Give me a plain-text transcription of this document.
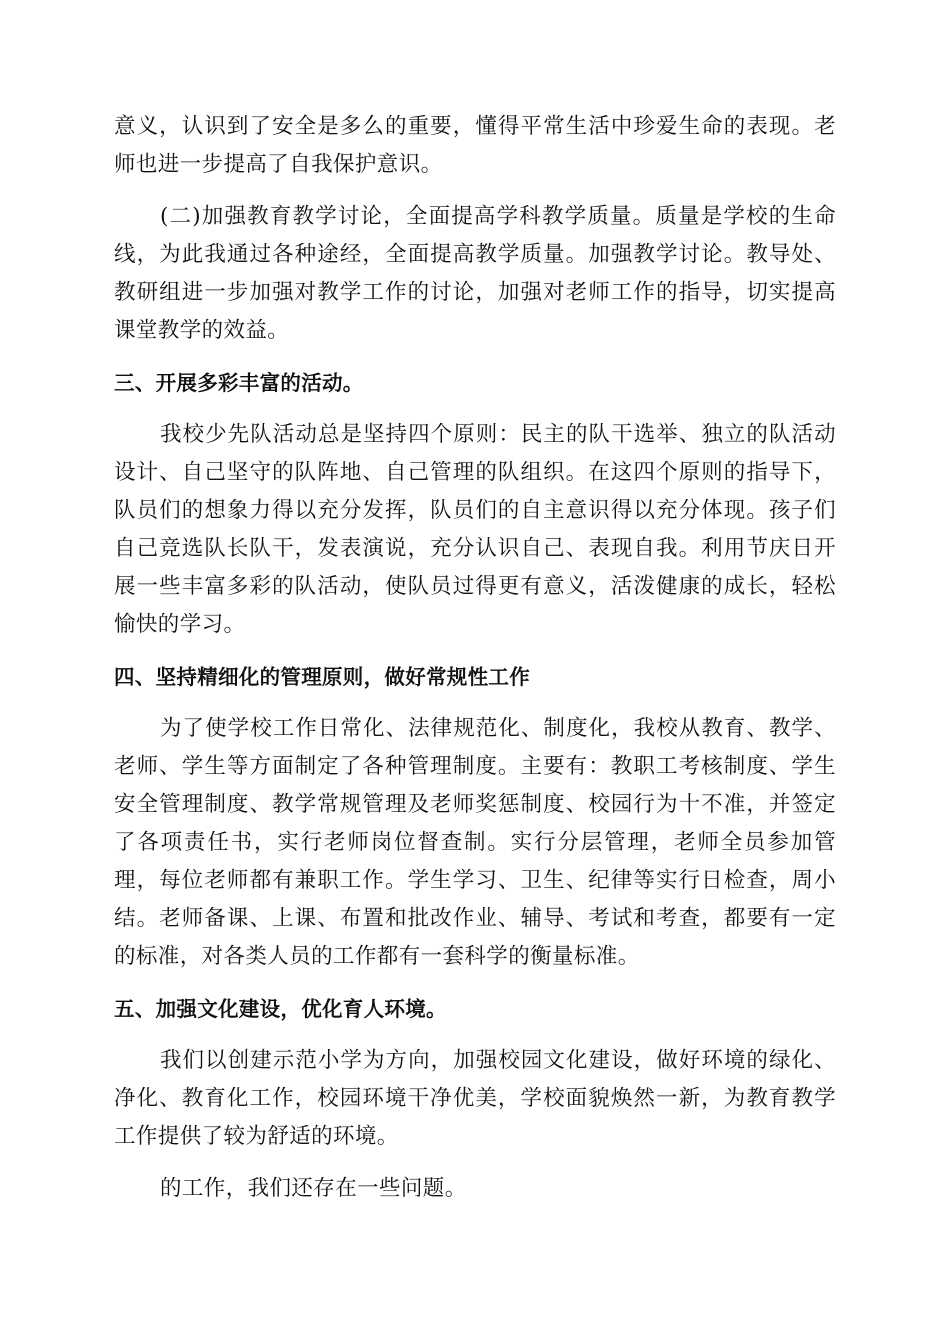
意义，认识到了安全是多么的重要，懂得平常生活中珍爱生命的表现。老师也进一步提高了自我保护意识。

(二)加强教育教学讨论，全面提高学科教学质量。质量是学校的生命线，为此我通过各种途经，全面提高教学质量。加强教学讨论。教导处、教研组进一步加强对教学工作的讨论，加强对老师工作的指导，切实提高课堂教学的效益。

三、开展多彩丰富的活动。

我校少先队活动总是坚持四个原则：民主的队干选举、独立的队活动设计、自己坚守的队阵地、自己管理的队组织。在这四个原则的指导下，队员们的想象力得以充分发挥，队员们的自主意识得以充分体现。孩子们自己竞选队长队干，发表演说，充分认识自己、表现自我。利用节庆日开展一些丰富多彩的队活动，使队员过得更有意义，活泼健康的成长，轻松愉快的学习。

四、坚持精细化的管理原则，做好常规性工作

为了使学校工作日常化、法律规范化、制度化，我校从教育、教学、老师、学生等方面制定了各种管理制度。主要有：教职工考核制度、学生安全管理制度、教学常规管理及老师奖惩制度、校园行为十不准，并签定了各项责任书，实行老师岗位督查制。实行分层管理，老师全员参加管理，每位老师都有兼职工作。学生学习、卫生、纪律等实行日检查，周小结。老师备课、上课、布置和批改作业、辅导、考试和考查，都要有一定的标准，对各类人员的工作都有一套科学的衡量标准。

五、加强文化建设，优化育人环境。

我们以创建示范小学为方向，加强校园文化建设，做好环境的绿化、净化、教育化工作，校园环境干净优美，学校面貌焕然一新，为教育教学工作提供了较为舒适的环境。

的工作，我们还存在一些问题。
